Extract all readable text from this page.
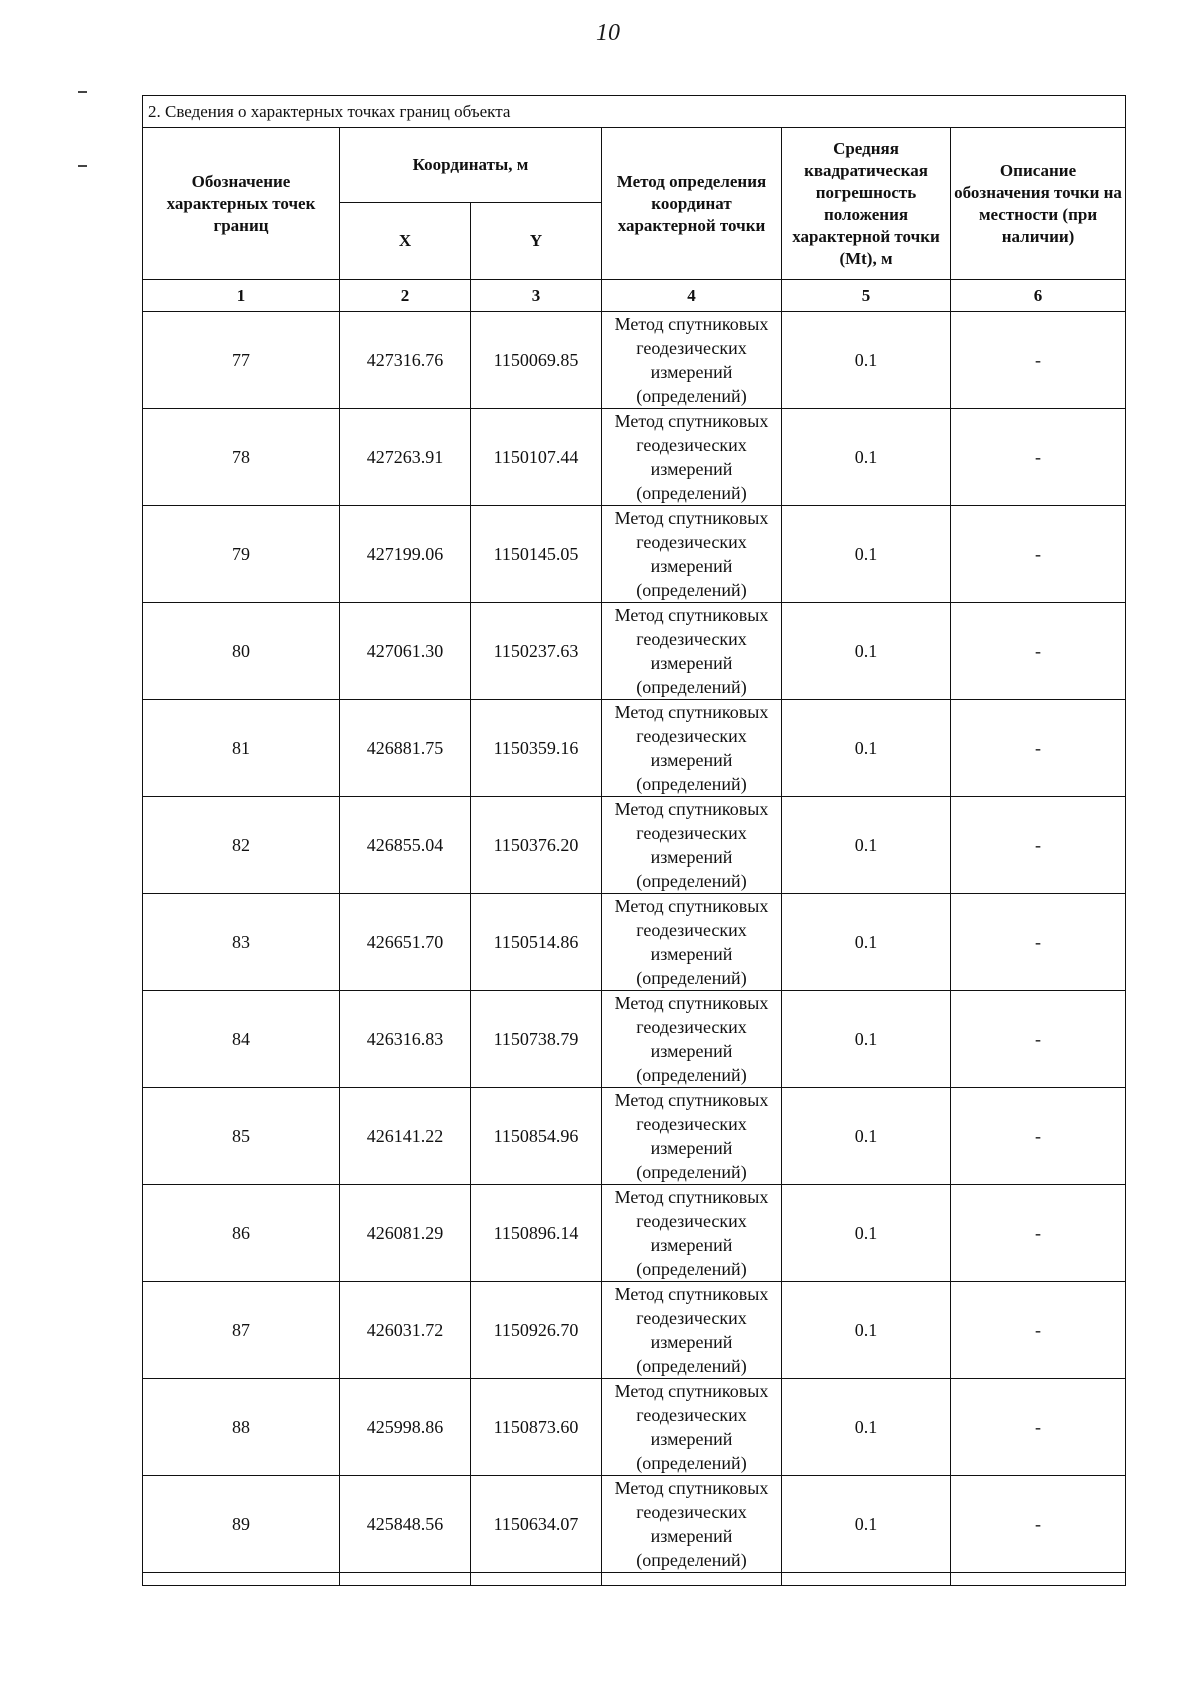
10
2. Сведения о характерных точках границ объекта					
Обозначение характерных точек границ	Координаты, м		Метод определения координат характерной точки	Средняя квадратическая погрешность положения характерной точки (Mt), м	Описание обозначения точки на местности (при наличии)
	X	Y			
1	2	3	4	5	6
77	427316.76	1150069.85	Метод спутниковых геодезических измерений (определений)	0.1	-
78	427263.91	1150107.44	Метод спутниковых геодезических измерений (определений)	0.1	-
79	427199.06	1150145.05	Метод спутниковых геодезических измерений (определений)	0.1	-
80	427061.30	1150237.63	Метод спутниковых геодезических измерений (определений)	0.1	-
81	426881.75	1150359.16	Метод спутниковых геодезических измерений (определений)	0.1	-
82	426855.04	1150376.20	Метод спутниковых геодезических измерений (определений)	0.1	-
83	426651.70	1150514.86	Метод спутниковых геодезических измерений (определений)	0.1	-
84	426316.83	1150738.79	Метод спутниковых геодезических измерений (определений)	0.1	-
85	426141.22	1150854.96	Метод спутниковых геодезических измерений (определений)	0.1	-
86	426081.29	1150896.14	Метод спутниковых геодезических измерений (определений)	0.1	-
87	426031.72	1150926.70	Метод спутниковых геодезических измерений (определений)	0.1	-
88	425998.86	1150873.60	Метод спутниковых геодезических измерений (определений)	0.1	-
89	425848.56	1150634.07	Метод спутниковых геодезических измерений (определений)	0.1	-
